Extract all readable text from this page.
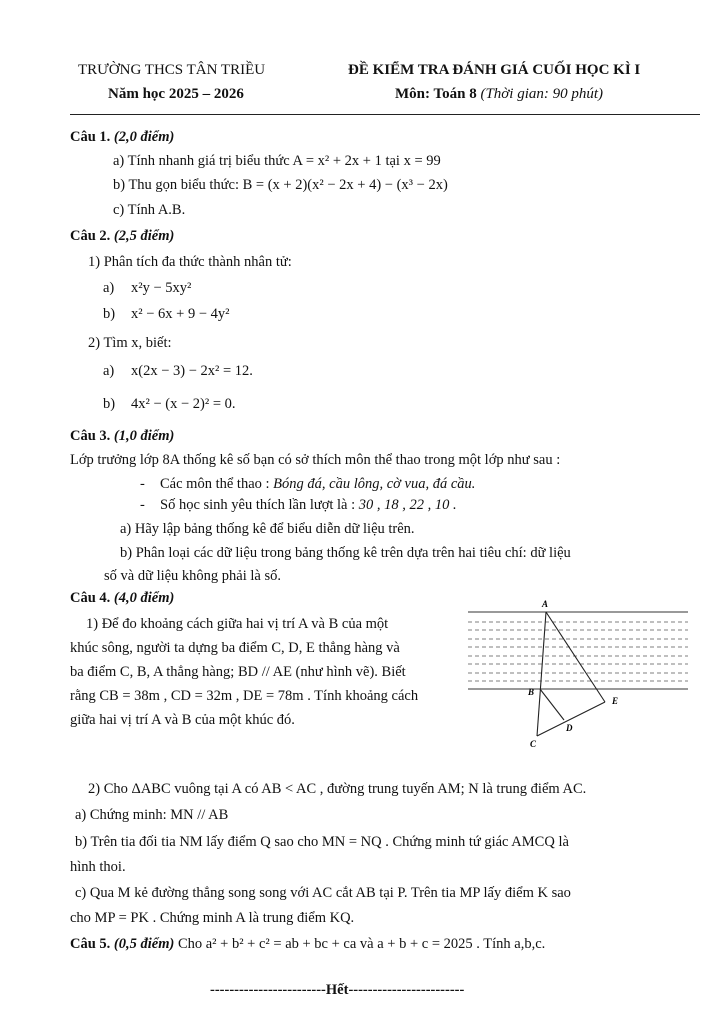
TRƯỜNG THCS TÂN TRIỀU
Năm học 2025 – 2026
ĐỀ KIỂM TRA ĐÁNH GIÁ CUỐI HỌC KÌ I
Môn: Toán 8 (Thời gian: 90 phút)
Câu 1. (2,0 điểm)
a) Tính nhanh giá trị biểu thức A = x² + 2x + 1 tại x = 99
b) Thu gọn biểu thức: B = (x + 2)(x² − 2x + 4) − (x³ − 2x)
c) Tính A.B.
Câu 2. (2,5 điểm)
1) Phân tích đa thức thành nhân tử:
a) x²y − 5xy²
b) x² − 6x + 9 − 4y²
2) Tìm x, biết:
a) x(2x − 3) − 2x² = 12.
b) 4x² − (x − 2)² = 0.
Câu 3. (1,0 điểm)
Lớp trưởng lớp 8A thống kê số bạn có sở thích môn thể thao trong một lớp như sau :
- Các môn thể thao : Bóng đá, cầu lông, cờ vua, đá cầu.
- Số học sinh yêu thích lần lượt là : 30 , 18 , 22 , 10 .
a) Hãy lập bảng thống kê để biểu diễn dữ liệu trên.
b) Phân loại các dữ liệu trong bảng thống kê trên dựa trên hai tiêu chí: dữ liệu
số và dữ liệu không phải là số.
Câu 4. (4,0 điểm)
1) Để đo khoảng cách giữa hai vị trí A và B của một
khúc sông, người ta dựng ba điểm C, D, E thẳng hàng và
ba điểm C, B, A thẳng hàng; BD // AE (như hình vẽ). Biết
rằng CB = 38m , CD = 32m , DE = 78m . Tính khoảng cách
giữa hai vị trí A và B của một khúc đó.
A
B
C
D
E
2) Cho ΔABC vuông tại A có AB < AC , đường trung tuyến AM; N là trung điểm AC.
a) Chứng minh: MN // AB
b) Trên tia đối tia NM lấy điểm Q sao cho MN = NQ . Chứng minh tứ giác AMCQ là
hình thoi.
c) Qua M kẻ đường thẳng song song với AC cắt AB tại P. Trên tia MP lấy điểm K sao
cho MP = PK . Chứng minh A là trung điểm KQ.
Câu 5. (0,5 điểm) Cho a² + b² + c² = ab + bc + ca và a + b + c = 2025 . Tính a,b,c.
------------------------Hết------------------------
